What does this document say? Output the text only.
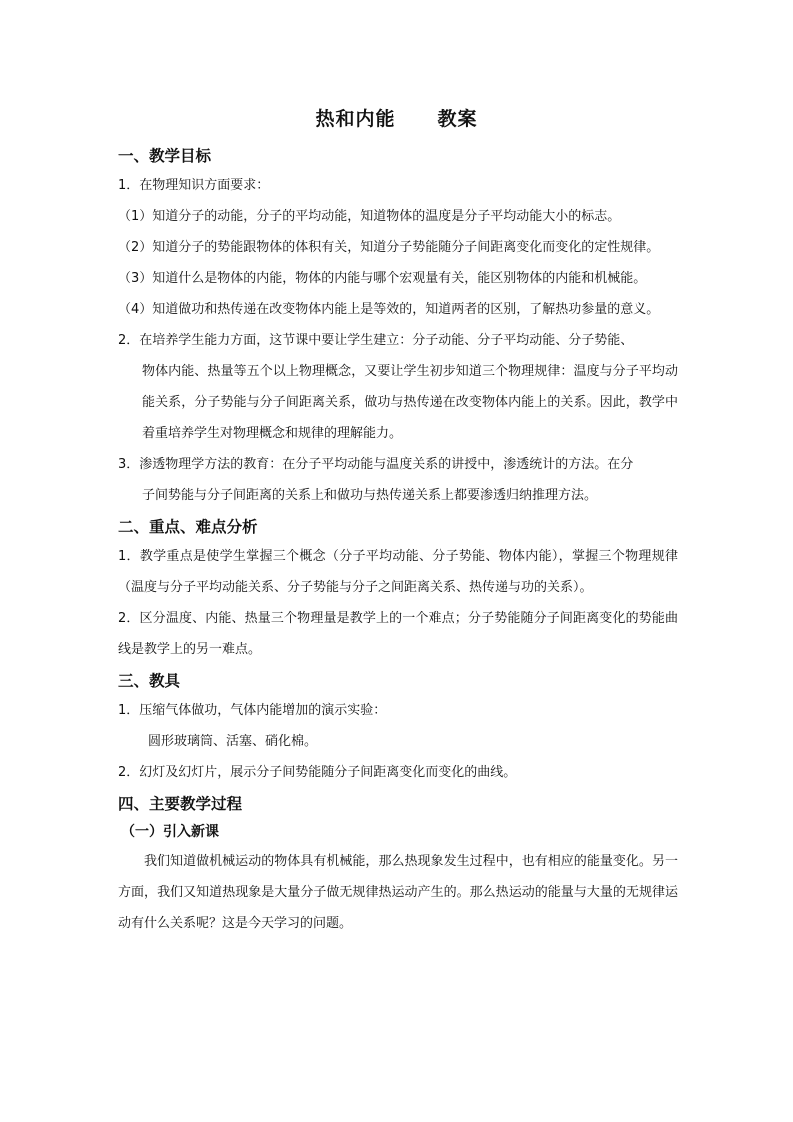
热和内能 教案
一、教学目标
1．在物理知识方面要求：
（1）知道分子的动能，分子的平均动能，知道物体的温度是分子平均动能大小的标志。
（2）知道分子的势能跟物体的体积有关，知道分子势能随分子间距离变化而变化的定性规律。
（3）知道什么是物体的内能，物体的内能与哪个宏观量有关，能区别物体的内能和机械能。
（4）知道做功和热传递在改变物体内能上是等效的，知道两者的区别，了解热功参量的意义。
2．在培养学生能力方面，这节课中要让学生建立：分子动能、分子平均动能、分子势能、
物体内能、热量等五个以上物理概念，又要让学生初步知道三个物理规律：温度与分子平均动能关系，分子势能与分子间距离关系，做功与热传递在改变物体内能上的关系。因此，教学中着重培养学生对物理概念和规律的理解能力。
3．渗透物理学方法的教育：在分子平均动能与温度关系的讲授中，渗透统计的方法。在分
子间势能与分子间距离的关系上和做功与热传递关系上都要渗透归纳推理方法。
二、重点、难点分析
1．教学重点是使学生掌握三个概念（分子平均动能、分子势能、物体内能），掌握三个物理规律（温度与分子平均动能关系、分子势能与分子之间距离关系、热传递与功的关系）。
2．区分温度、内能、热量三个物理量是教学上的一个难点；分子势能随分子间距离变化的势能曲线是教学上的另一难点。
三、教具
1．压缩气体做功，气体内能增加的演示实验：
圆形玻璃筒、活塞、硝化棉。
2．幻灯及幻灯片，展示分子间势能随分子间距离变化而变化的曲线。
四、主要教学过程
（一）引入新课
我们知道做机械运动的物体具有机械能，那么热现象发生过程中，也有相应的能量变化。另一方面，我们又知道热现象是大量分子做无规律热运动产生的。那么热运动的能量与大量的无规律运动有什么关系呢？这是今天学习的问题。
